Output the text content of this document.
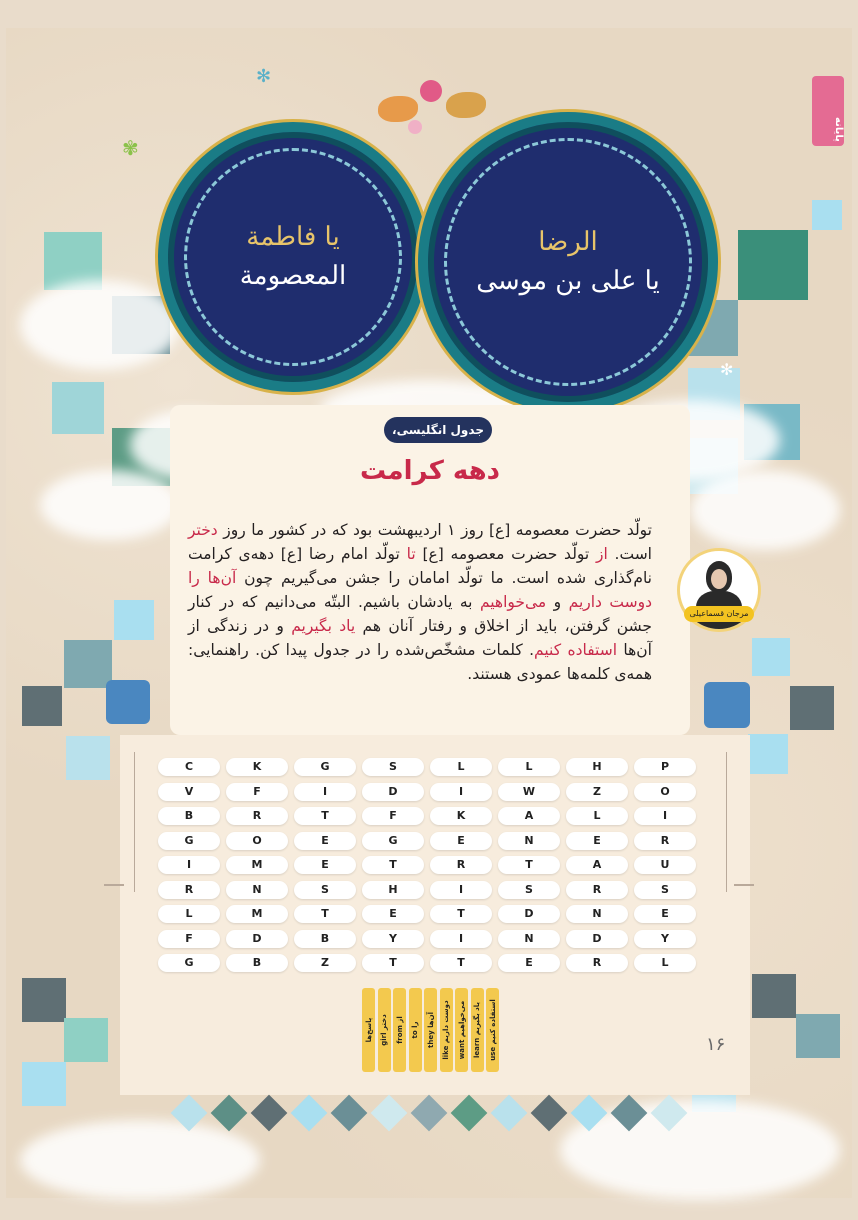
یا فاطمة
المعصومة
الرضا
یا علی بن موسی
✻
✾
✻
پایانه
جدول انگلیسی،
دهه کرامت
تولّد حضرت معصومه [ع] روز ۱ اردیبهشت بود که در کشور ما روز دختر است. از تولّد حضرت معصومه [ع] تا تولّد امام رضا [ع] دهه‌ی کرامت نام‌گذاری شده است. ما تولّد امامان را جشن می‌گیریم چون آن‌ها را دوست داریم و می‌خواهیم به یادشان باشیم. البتّه می‌دانیم که در کنار جشن گرفتن، باید از اخلاق و رفتار آنان هم یاد بگیریم و در زندگی از آن‌ها استفاده کنیم. کلمات مشخّص‌شده را در جدول پیدا کن. راهنمایی: همه‌ی کلمه‌ها عمودی هستند.
مرجان قسماعیلی
C	K	G	S	L	L	H	P
V	F	I	D	I	W	Z	O
B	R	T	F	K	A	L	I
G	O	E	G	E	N	E	R
I	M	E	T	R	T	A	U
R	N	S	H	I	S	R	S
L	M	T	E	T	D	N	E
F	D	B	Y	I	N	D	Y
G	B	Z	T	T	E	R	L
استفاده کنیم use
یاد بگیریم learn
می‌خواهیم want
دوست داریم like
آن‌ها they
را to
از from
دختر girl
پاسخ‌ها
۱۶
